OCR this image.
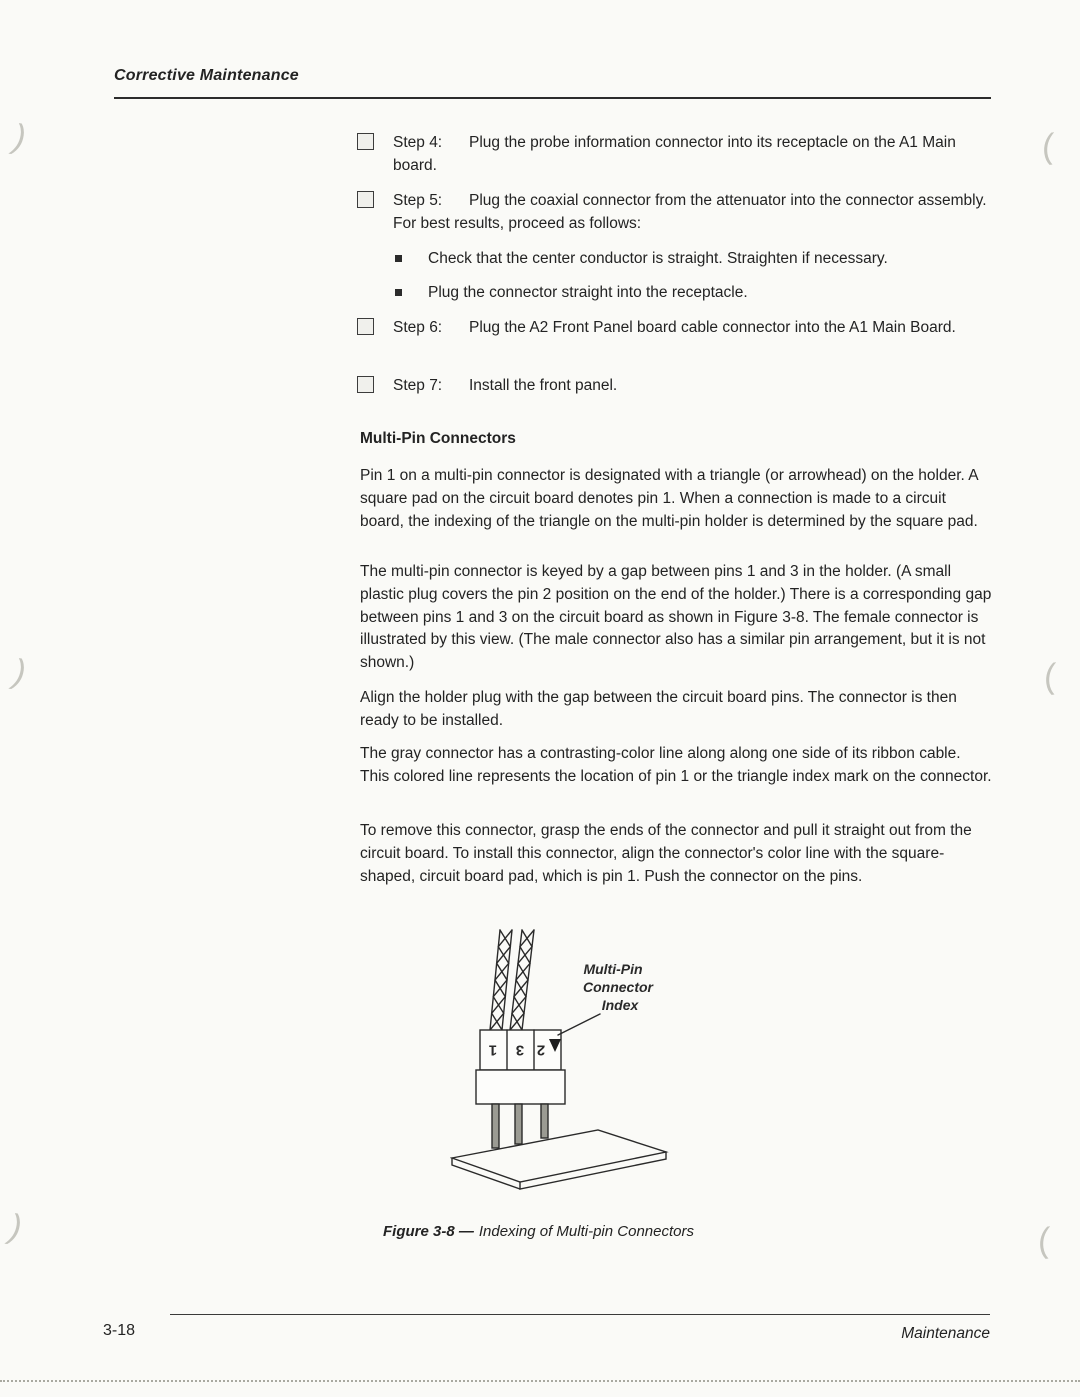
)
)
)
(
(
(
Corrective Maintenance
Step 4: Plug the probe information connector into its receptacle on the A1 Main board.
Step 5: Plug the coaxial connector from the attenuator into the connector assembly. For best results, proceed as follows:
Check that the center conductor is straight. Straighten if necessary.
Plug the connector straight into the receptacle.
Step 6: Plug the A2 Front Panel board cable connector into the A1 Main Board.
Step 7: Install the front panel.
Multi-Pin Connectors
Pin 1 on a multi-pin connector is designated with a triangle (or arrowhead) on the holder. A square pad on the circuit board denotes pin 1. When a connection is made to a circuit board, the indexing of the triangle on the multi-pin holder is determined by the square pad.
The multi-pin connector is keyed by a gap between pins 1 and 3 in the holder. (A small plastic plug covers the pin 2 position on the end of the holder.) There is a corresponding gap between pins 1 and 3 on the circuit board as shown in Figure 3-8. The female connector is illustrated by this view. (The male connector also has a similar pin arrangement, but it is not shown.)
Align the holder plug with the gap between the circuit board pins. The connector is then ready to be installed.
The gray connector has a contrasting-color line along along one side of its ribbon cable. This colored line represents the location of pin 1 or the triangle index mark on the connector.
To remove this connector, grasp the ends of the connector and pull it straight out from the circuit board. To install this connector, align the connector's color line with the square-shaped, circuit board pad, which is pin 1. Push the connector on the pins.
1 3 2
Multi-Pin
Connector
Index
Figure 3-8 — Indexing of Multi-pin Connectors
3-18	Maintenance
